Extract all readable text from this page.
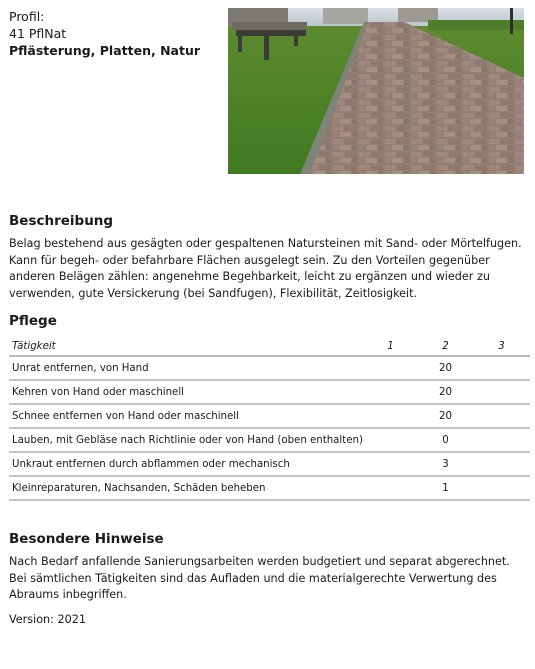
Profil:
41 PflNat
Pflästerung, Platten, Natur
Beschreibung

Belag bestehend aus gesägten oder gespaltenen Natursteinen mit Sand- oder Mörtelfugen. Kann für begeh- oder befahrbare Flächen ausgelegt sein. Zu den Vorteilen gegenüber anderen Belägen zählen: angenehme Begehbarkeit, leicht zu ergänzen und wieder zu verwenden, gute Versickerung (bei Sandfugen), Flexibilität, Zeitlosigkeit.

Pflege
Tätigkeit	1	2	3
Unrat entfernen, von Hand		20	
Kehren von Hand oder maschinell		20	
Schnee entfernen von Hand oder maschinell		20	
Lauben, mit Gebläse nach Richtlinie oder von Hand (oben enthalten)		0	
Unkraut entfernen durch abflammen oder mechanisch		3	
Kleinreparaturen, Nachsanden, Schäden beheben		1	
Besondere Hinweise

Nach Bedarf anfallende Sanierungsarbeiten werden budgetiert und separat abgerechnet. Bei sämtlichen Tätigkeiten sind das Aufladen und die materialgerechte Verwertung des Abraums inbegriffen.

Version: 2021
